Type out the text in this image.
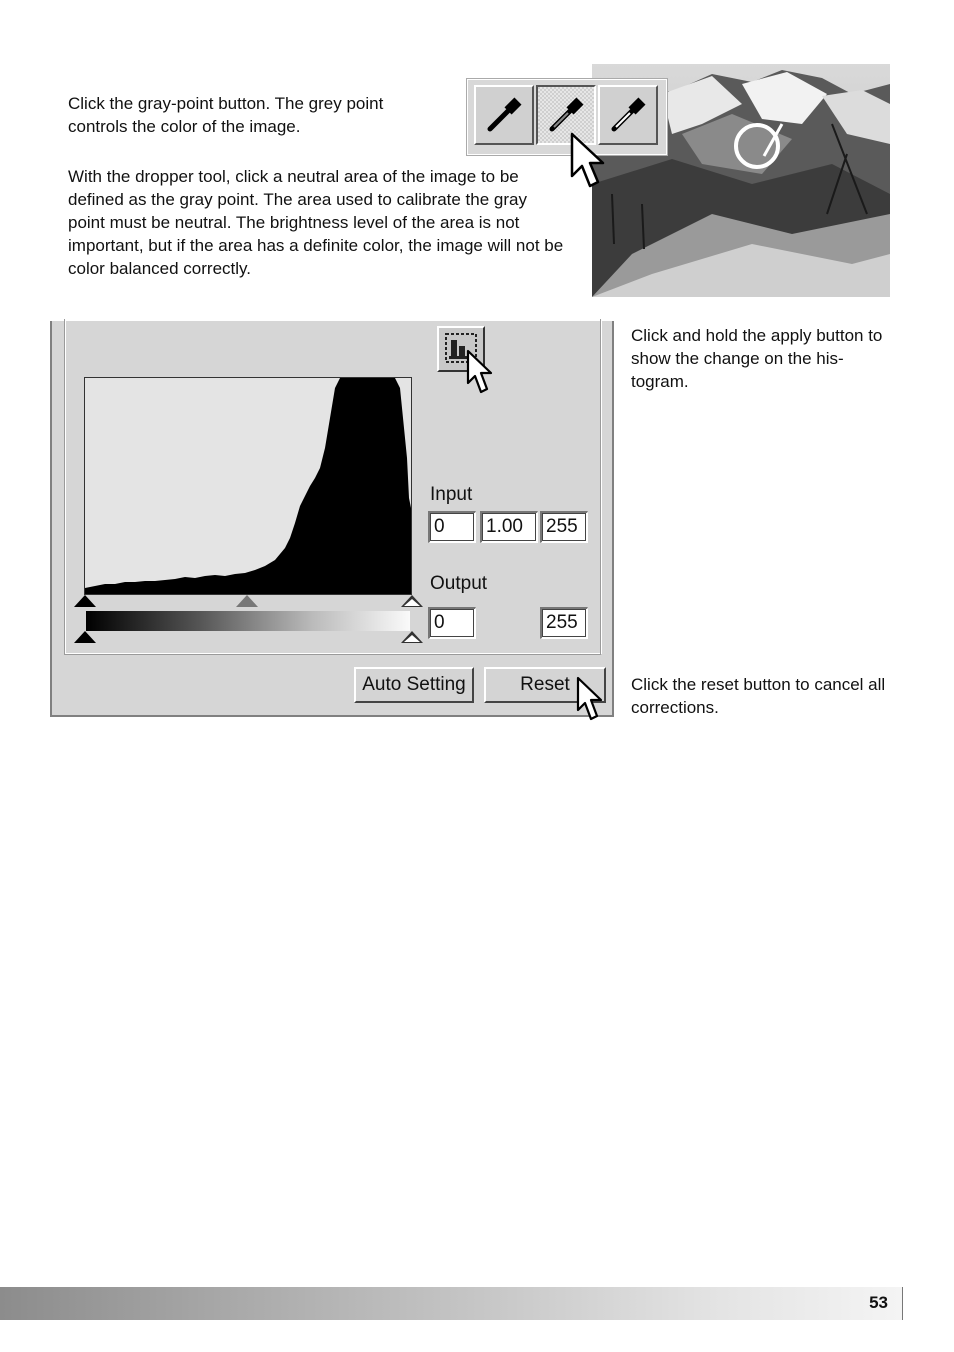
Click the gray-point button. The grey point controls the color of the image.

With the dropper tool, click a neutral area of the image to be defined as the gray point. The area used to calibrate the gray point must be neutral. The brightness level of the area is not important, but if the area has a definite color, the image will not be color balanced correctly.

Click and hold the apply button to show the change on the his-togram.

Click the reset button to cancel all corrections.

Input
0	1.00	255
Output
0	255
Auto Setting	Reset
53
